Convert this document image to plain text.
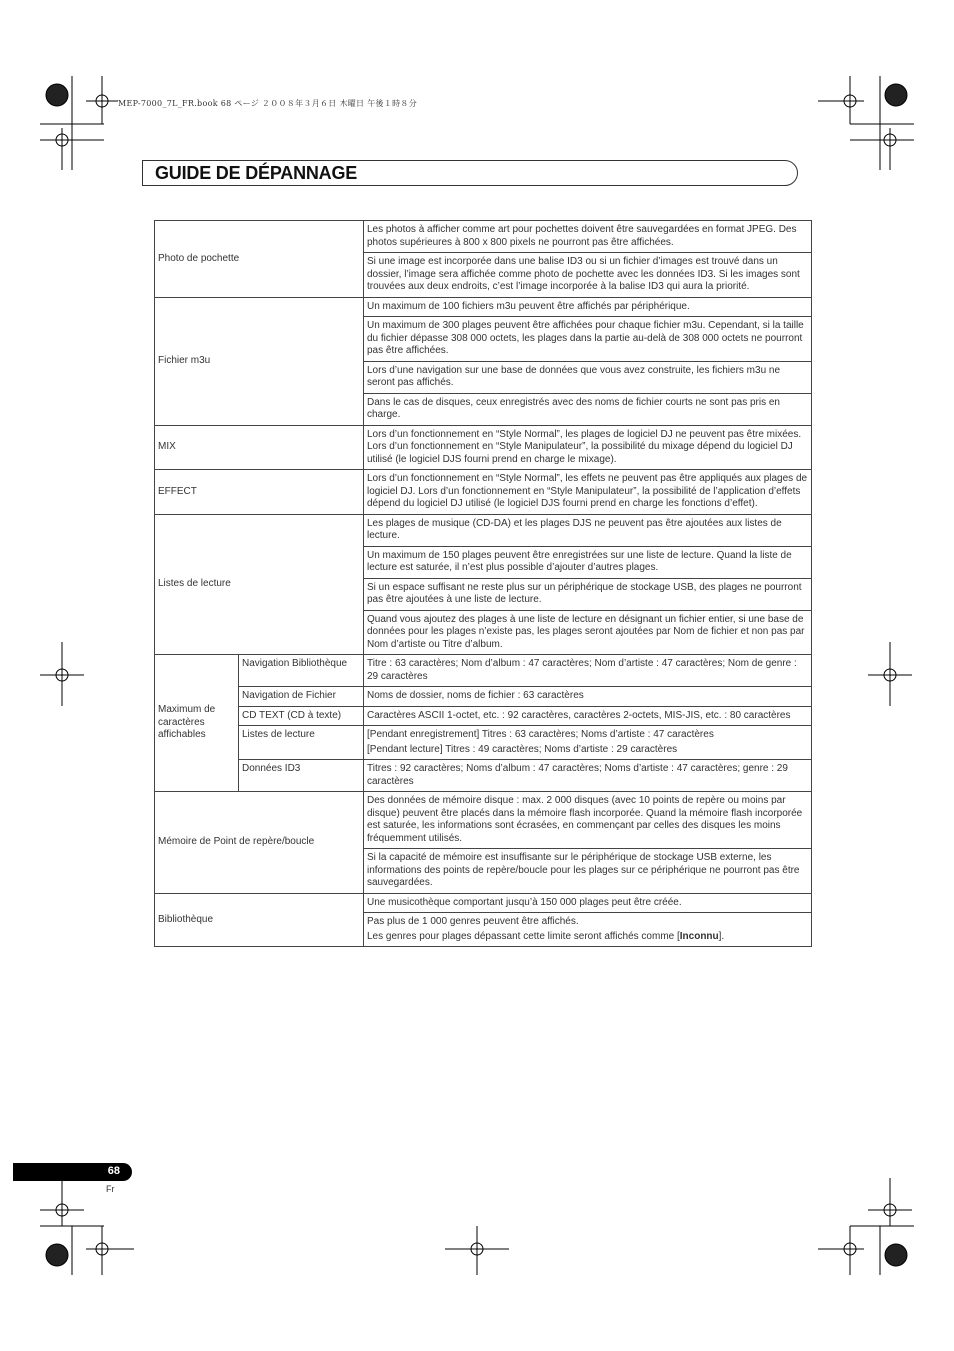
MEP-7000_7L_FR.book 68 ページ ２００８年３月６日 木曜日 午後１時８分
GUIDE DE DÉPANNAGE
Photo de pochette		Les photos à afficher comme art pour pochettes doivent être sauvegardées en format JPEG. Des photos supérieures à 800 x 800 pixels ne pourront pas être affichées.
		Si une image est incorporée dans une balise ID3 ou si un fichier d’images est trouvé dans un dossier, l’image sera affichée comme photo de pochette avec les données ID3. Si les images sont trouvées aux deux endroits, c’est l’image incorporée à la balise ID3 qui aura la priorité.
Fichier m3u		Un maximum de 100 fichiers m3u peuvent être affichés par périphérique.
		Un maximum de 300 plages peuvent être affichées pour chaque fichier m3u. Cependant, si la taille du fichier dépasse 308 000 octets, les plages dans la partie au-delà de 308 000 octets ne pourront pas être affichées.
		Lors d’une navigation sur une base de données que vous avez construite, les fichiers m3u ne seront pas affichés.
		Dans le cas de disques, ceux enregistrés avec des noms de fichier courts ne sont pas pris en charge.
MIX		Lors d’un fonctionnement en “Style Normal”, les plages de logiciel DJ ne peuvent pas être mixées. Lors d’un fonctionnement en “Style Manipulateur”, la possibilité du mixage dépend du logiciel DJ utilisé (le logiciel DJS fourni prend en charge le mixage).
EFFECT		Lors d’un fonctionnement en “Style Normal”, les effets ne peuvent pas être appliqués aux plages de logiciel DJ. Lors d’un fonctionnement en “Style Manipulateur”, la possibilité de l’application d’effets dépend du logiciel DJ utilisé (le logiciel DJS fourni prend en charge les fonctions d’effet).
Listes de lecture		Les plages de musique (CD-DA) et les plages DJS ne peuvent pas être ajoutées aux listes de lecture.
		Un maximum de 150 plages peuvent être enregistrées sur une liste de lecture. Quand la liste de lecture est saturée, il n’est plus possible d’ajouter d’autres plages.
		Si un espace suffisant ne reste plus sur un périphérique de stockage USB, des plages ne pourront pas être ajoutées à une liste de lecture.
		Quand vous ajoutez des plages à une liste de lecture en désignant un fichier entier, si une base de données pour les plages n’existe pas, les plages seront ajoutées par Nom de fichier et non pas par Nom d’artiste ou Titre d’album.
Maximum de caractères affichables	Navigation Bibliothèque	Titre : 63 caractères; Nom d’album : 47 caractères; Nom d’artiste : 47 caractères; Nom de genre : 29 caractères
	Navigation de Fichier	Noms de dossier, noms de fichier : 63 caractères
	CD TEXT (CD à texte)	Caractères ASCII 1-octet, etc. : 92 caractères, caractères 2-octets, MIS-JIS, etc. : 80 caractères
	Listes de lecture	[Pendant enregistrement] Titres : 63 caractères; Noms d’artiste : 47 caractères
[Pendant lecture] Titres : 49 caractères; Noms d’artiste : 29 caractères

	Données ID3	Titres : 92 caractères; Noms d’album : 47 caractères; Noms d’artiste : 47 caractères; genre : 29 caractères
Mémoire de Point de repère/boucle		Des données de mémoire disque : max. 2 000 disques (avec 10 points de repère ou moins par disque) peuvent être placés dans la mémoire flash incorporée. Quand la mémoire flash incorporée est saturée, les informations sont écrasées, en commençant par celles des disques les moins fréquemment utilisés.
		Si la capacité de mémoire est insuffisante sur le périphérique de stockage USB externe, les informations des points de repère/boucle pour les plages sur ce périphérique ne pourront pas être sauvegardées.
Bibliothèque		Une musicothèque comportant jusqu’à 150 000 plages peut être créée.

		Pas plus de 1 000 genres peuvent être affichés.
Les genres pour plages dépassant cette limite seront affichés comme [Inconnu].
68
Fr
